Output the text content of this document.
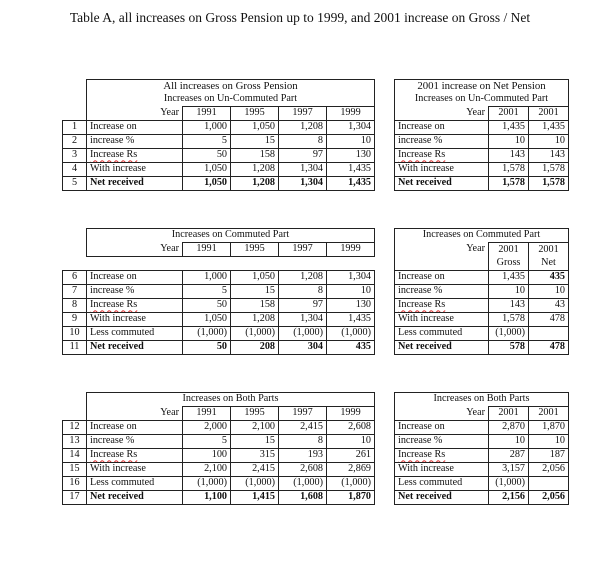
Table A, all increases on Gross Pension up to 1999, and 2001 increase on Gross / Net
	All increases on Gross Pension						2001 increase on Net Pension		
	Increases on Un-Commuted Part						Increases on Un-Commuted Part		
	Year	1991	1995	1997	1999		Year	2001	2001
1	Increase on	1,000	1,050	1,208	1,304		Increase on	1,435	1,435
2	increase %	5	15	8	10		increase %	10	10
3	Increase Rs	50	158	97	130		Increase Rs	143	143
4	With increase	1,050	1,208	1,304	1,435		With increase	1,578	1,578
5	Net received	1,050	1,208	1,304	1,435		Net received	1,578	1,578
	Increases on Commuted Part						Increases on Commuted Part		
	Year	1991	1995	1997	1999		Year	2001	2001
								Gross	Net
6	Increase on	1,000	1,050	1,208	1,304		Increase on	1,435	435
7	increase %	5	15	8	10		increase %	10	10
8	Increase Rs	50	158	97	130		Increase Rs	143	43
9	With increase	1,050	1,208	1,304	1,435		With increase	1,578	478
10	Less commuted	(1,000)	(1,000)	(1,000)	(1,000)		Less commuted	(1,000)	
11	Net received	50	208	304	435		Net received	578	478
	Increases on Both Parts						Increases on Both Parts		
	Year	1991	1995	1997	1999		Year	2001	2001
12	Increase on	2,000	2,100	2,415	2,608		Increase on	2,870	1,870
13	increase %	5	15	8	10		increase %	10	10
14	Increase Rs	100	315	193	261		Increase Rs	287	187
15	With increase	2,100	2,415	2,608	2,869		With increase	3,157	2,056
16	Less commuted	(1,000)	(1,000)	(1,000)	(1,000)		Less commuted	(1,000)	
17	Net received	1,100	1,415	1,608	1,870		Net received	2,156	2,056
